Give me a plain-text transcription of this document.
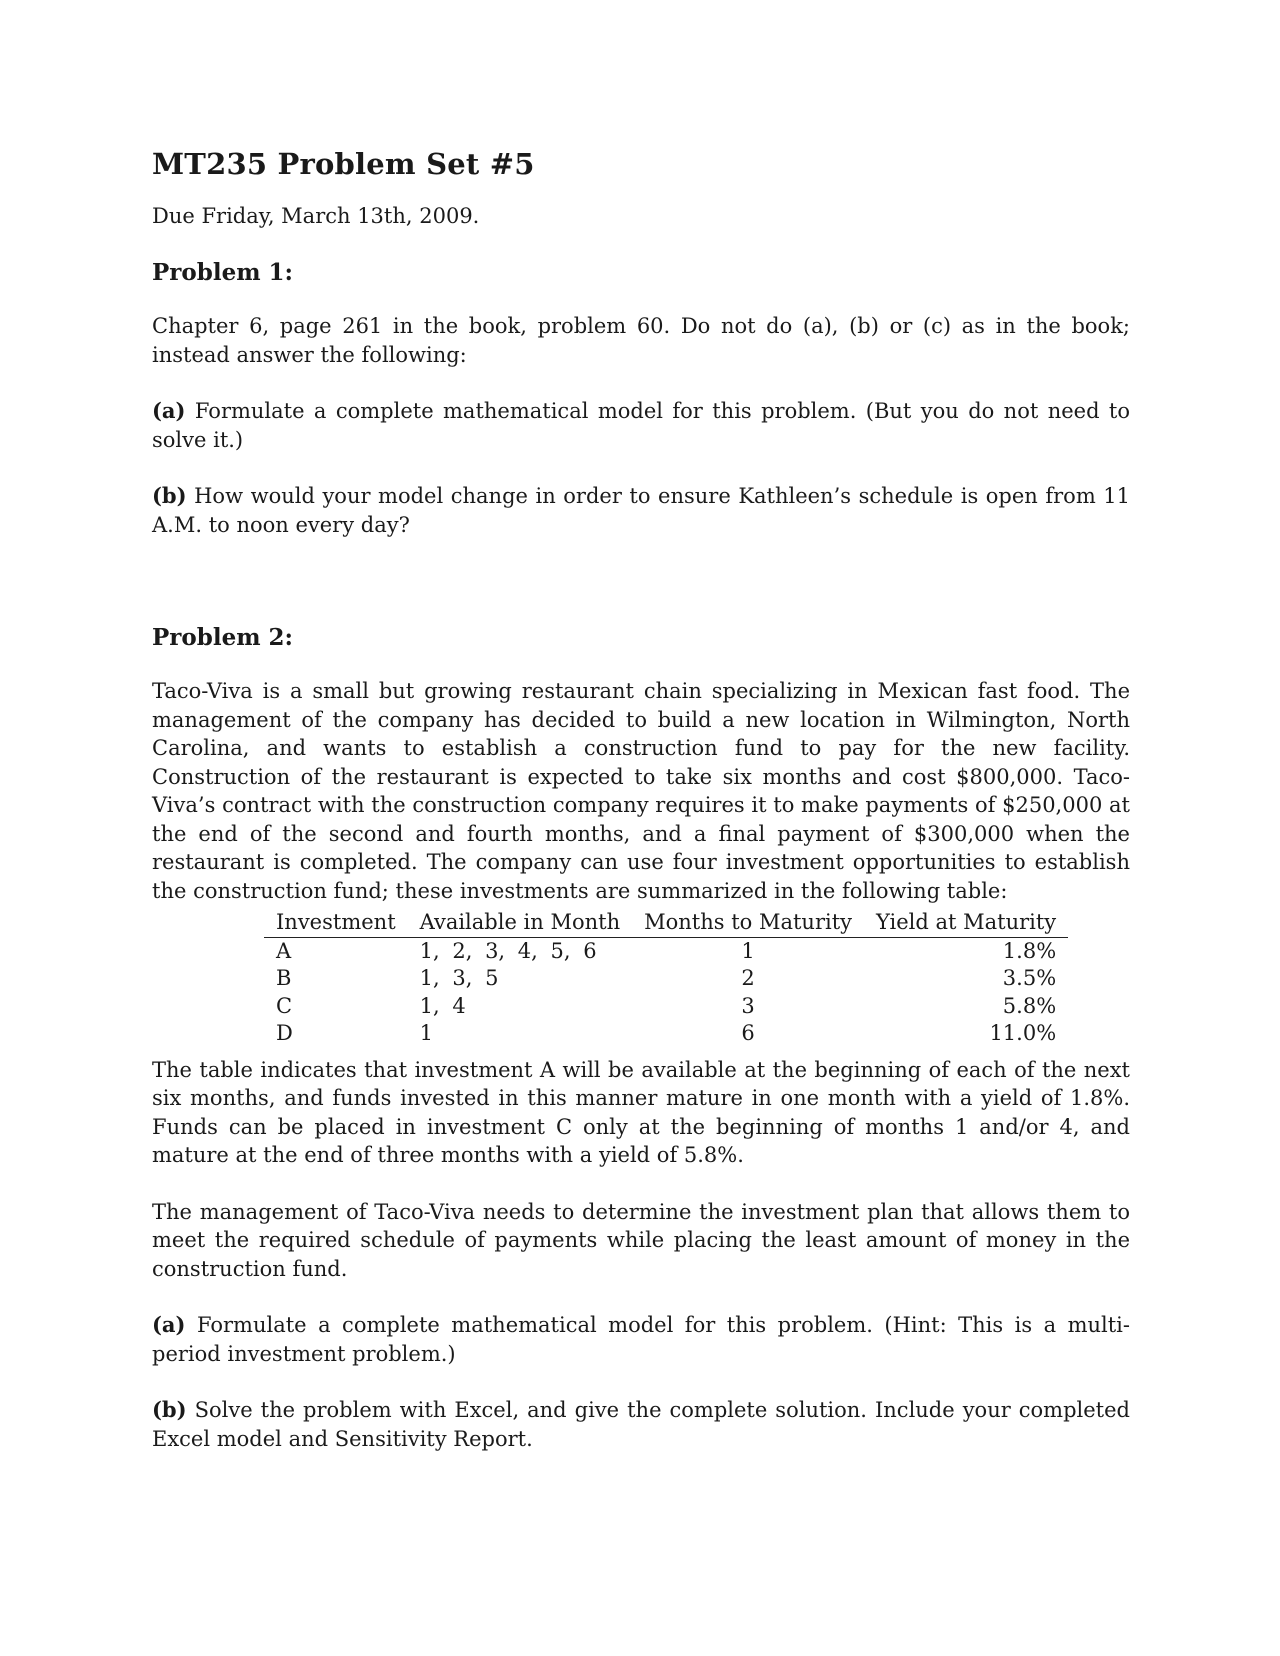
MT235 Problem Set #5
Due Friday, March 13th, 2009.
Problem 1:

Chapter 6, page 261 in the book, problem 60. Do not do (a), (b) or (c) as in the book; instead answer the following:

(a) Formulate a complete mathematical model for this problem. (But you do not need to solve it.)

(b) How would your model change in order to ensure Kathleen’s schedule is open from 11 A.M. to noon every day?

Problem 2:

Taco-Viva is a small but growing restaurant chain specializing in Mexican fast food. The management of the company has decided to build a new location in Wilmington, North Carolina, and wants to establish a construction fund to pay for the new facility. Construction of the restaurant is expected to take six months and cost $800,000. Taco-Viva’s contract with the construction company requires it to make payments of $250,000 at the end of the second and fourth months, and a final payment of $300,000 when the restaurant is completed. The company can use four investment opportunities to establish the construction fund; these investments are summarized in the following table:

Investment	Available in Month	Months to Maturity	Yield at Maturity
A	1, 2, 3, 4, 5, 6	1	1.8%
B	1, 3, 5	2	3.5%
C	1, 4	3	5.8%
D	1	6	11.0%

The table indicates that investment A will be available at the beginning of each of the next six months, and funds invested in this manner mature in one month with a yield of 1.8%. Funds can be placed in investment C only at the beginning of months 1 and/or 4, and mature at the end of three months with a yield of 5.8%.

The management of Taco-Viva needs to determine the investment plan that allows them to meet the required schedule of payments while placing the least amount of money in the construction fund.

(a) Formulate a complete mathematical model for this problem. (Hint: This is a multi-period investment problem.)

(b) Solve the problem with Excel, and give the complete solution. Include your completed Excel model and Sensitivity Report.
